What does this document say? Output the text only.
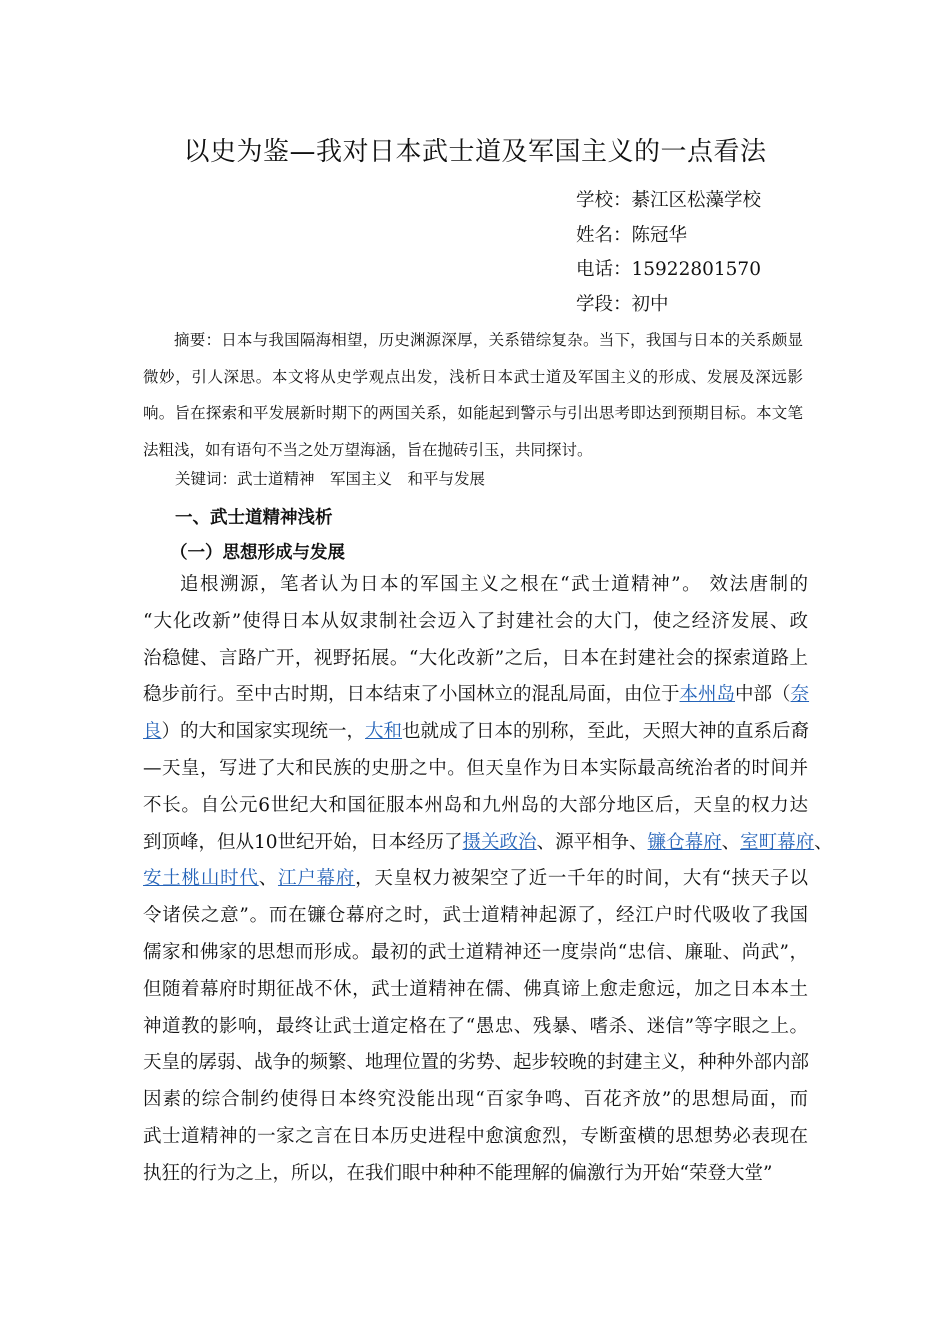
以史为鉴—我对日本武士道及军国主义的一点看法
学校：綦江区松藻学校
姓名：陈冠华
电话：15922801570
学段：初中
摘要：日本与我国隔海相望，历史渊源深厚，关系错综复杂。当下，我国与日本的关系颇显微妙，引人深思。本文将从史学观点出发，浅析日本武士道及军国主义的形成、发展及深远影响。旨在探索和平发展新时期下的两国关系，如能起到警示与引出思考即达到预期目标。本文笔法粗浅，如有语句不当之处万望海涵，旨在抛砖引玉，共同探讨。
关键词：武士道精神　军国主义　和平与发展
一、武士道精神浅析
（一）思想形成与发展
追根溯源，笔者认为日本的军国主义之根在“武士道精神”。 效法唐制的
“大化改新”使得日本从奴隶制社会迈入了封建社会的大门，使之经济发展、政
治稳健、言路广开，视野拓展。“大化改新”之后，日本在封建社会的探索道路上
稳步前行。至中古时期，日本结束了小国林立的混乱局面，由位于本州岛中部（奈
良）的大和国家实现统一，大和也就成了日本的别称，至此，天照大神的直系后裔
—天皇，写进了大和民族的史册之中。但天皇作为日本实际最高统治者的时间并
不长。自公元6世纪大和国征服本州岛和九州岛的大部分地区后，天皇的权力达
到顶峰，但从10世纪开始，日本经历了摄关政治、源平相争、镰仓幕府、室町幕府、
安土桃山时代、江户幕府，天皇权力被架空了近一千年的时间，大有“挟天子以
令诸侯之意”。而在镰仓幕府之时，武士道精神起源了，经江户时代吸收了我国
儒家和佛家的思想而形成。最初的武士道精神还一度崇尚“忠信、廉耻、尚武”，
但随着幕府时期征战不休，武士道精神在儒、佛真谛上愈走愈远，加之日本本土
神道教的影响，最终让武士道定格在了“愚忠、残暴、嗜杀、迷信”等字眼之上。
天皇的孱弱、战争的频繁、地理位置的劣势、起步较晚的封建主义，种种外部内部
因素的综合制约使得日本终究没能出现“百家争鸣、百花齐放”的思想局面，而
武士道精神的一家之言在日本历史进程中愈演愈烈，专断蛮横的思想势必表现在
执狂的行为之上，所以，在我们眼中种种不能理解的偏激行为开始“荣登大堂”
